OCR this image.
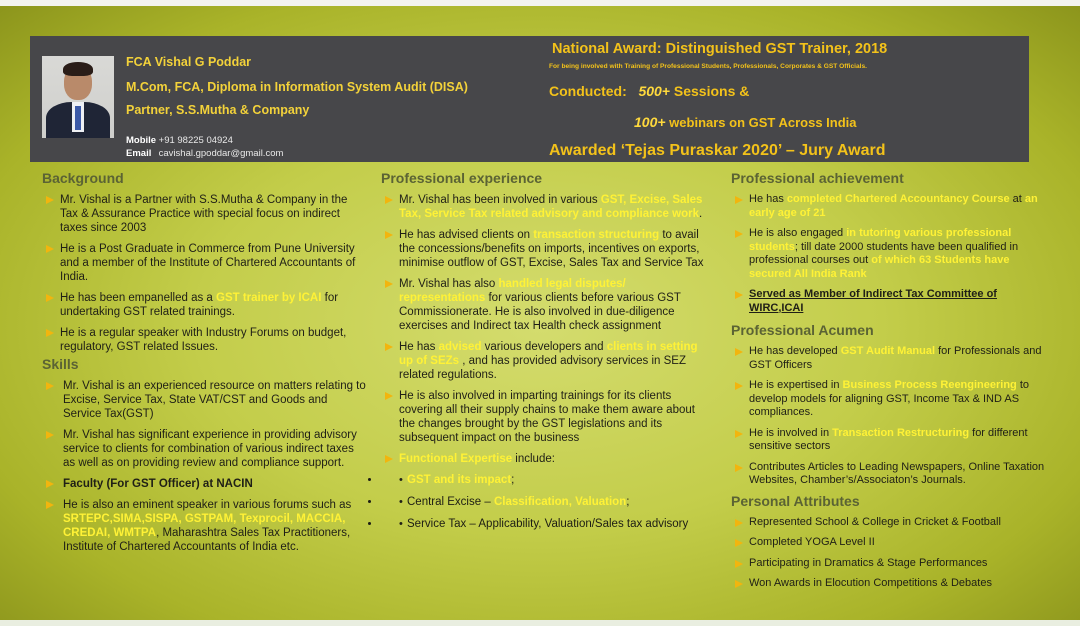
FCA Vishal G Poddar
M.Com, FCA, Diploma in Information System Audit (DISA)
Partner, S.S.Mutha & Company
Mobile +91 98225 04924
Email cavishal.gpoddar@gmail.com
National Award: Distinguished GST Trainer, 2018
For being involved with Training of Professional Students, Professionals, Corporates & GST Officials.
Conducted: 500+ Sessions &
100+ webinars on GST Across India
Awarded ‘Tejas Puraskar 2020’ – Jury Award
Background
Mr. Vishal is a Partner with S.S.Mutha & Company in the Tax & Assurance Practice with special focus on indirect taxes since 2003
He is a Post Graduate in Commerce from Pune University and a member of the Institute of Chartered Accountants of India.
He has been empanelled as a GST trainer by ICAI for undertaking GST related trainings.
He is a regular speaker with Industry Forums on budget, regulatory, GST related Issues.
Skills
Mr. Vishal is an experienced resource on matters relating to Excise, Service Tax, State VAT/CST and Goods and Service Tax(GST)
Mr. Vishal has significant experience in providing advisory service to clients for combination of various indirect taxes as well as on providing review and compliance support.
Faculty (For GST Officer) at NACIN
He is also an eminent speaker in various forums such as SRTEPC,SIMA,SISPA, GSTPAM, Texprocil, MACCIA, CREDAI, WMTPA, Maharashtra Sales Tax Practitioners, Institute of Chartered Accountants of India etc.
Professional experience
Mr. Vishal has been involved in various GST, Excise, Sales Tax, Service Tax related advisory and compliance work.
He has advised clients on transaction structuring to avail the concessions/benefits on imports, incentives on exports, minimise outflow of GST, Excise, Sales Tax and Service Tax
Mr. Vishal has also handled legal disputes/ representations for various clients before various GST Commissionerate. He is also involved in due-diligence exercises and Indirect tax Health check assignment
He has advised various developers and clients in setting up of SEZs , and has provided advisory services in SEZ related regulations.
He is also involved in imparting trainings for its clients covering all their supply chains to make them aware about the changes brought by the GST legislations and its subsequent impact on the business
Functional Expertise include:
• • GST and its impact;
• • Central Excise – Classification, Valuation;
• • Service Tax – Applicability, Valuation/Sales tax advisory
Professional achievement
He has completed Chartered Accountancy Course at an early age of 21
He is also engaged in tutoring various professional students; till date 2000 students have been qualified in professional courses out of which 63 Students have secured All India Rank
Served as Member of Indirect Tax Committee of WIRC,ICAI
Professional Acumen
He has developed GST Audit Manual for Professionals and GST Officers
He is expertised in Business Process Reengineering to develop models for aligning GST, Income Tax & IND AS compliances.
He is involved in Transaction Restructuring for different sensitive sectors
Contributes Articles to Leading Newspapers, Online Taxation Websites, Chamber’s/Associaton’s Journals.
Personal Attributes
Represented School & College in Cricket & Football
Completed YOGA Level II
Participating in Dramatics & Stage Performances
Won Awards in Elocution Competitions & Debates
